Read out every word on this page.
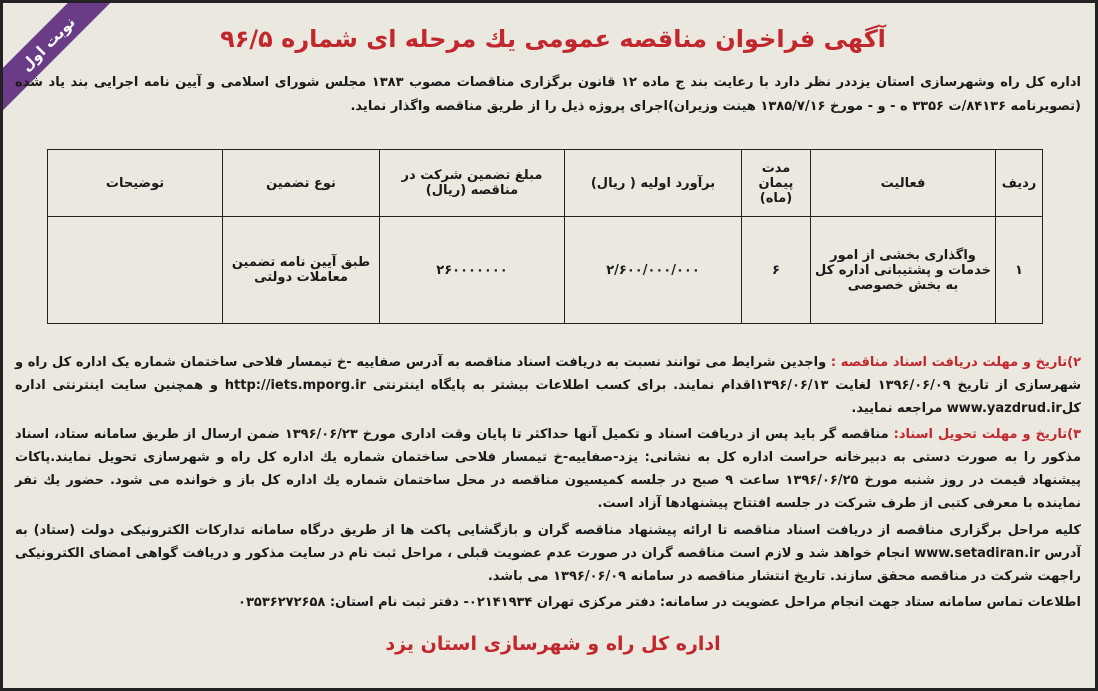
نوبت اول	آگهی فراخوان مناقصه عمومی یك مرحله ای شماره ۹۶/۵
اداره كل راه وشهرسازی استان یزددر نظر دارد با رعایت بند ج ماده ۱۲ قانون برگزاری مناقصات مصوب ۱۳۸۳ مجلس شورای اسلامی و آیین نامه اجرایی بند یاد شده (تصویرنامه ۸۴۱۳۶/ت ۳۳۵۶ ه - و - مورخ ۱۳۸۵/۷/۱۶ هینت وزیران)اجرای پروژه ذیل را از طریق مناقصه واگذار نماید.
ردیف	فعالیت	مدت پیمان (ماه)	برآورد اولیه ( ریال)	مبلغ تضمین شركت در مناقصه (ریال)	نوع تضمین	توضیحات
۱	واگذاری بخشی از امور خدمات و پشتیبانی اداره كل به بخش خصوصی	۶	۲/۶۰۰/۰۰۰/۰۰۰	۲۶۰۰۰۰۰۰۰	طبق آیین نامه تضمین معاملات دولتی	
۲)تاریخ و مهلت دریافت اسناد مناقصه : واجدین شرایط می توانند نسبت به دریافت اسناد مناقصه به آدرس صفاییه -خ تیمسار فلاحی ساختمان شماره یک اداره كل راه و شهرسازی از تاریخ ۱۳۹۶/۰۶/۰۹ لغایت ۱۳۹۶/۰۶/۱۳اقدام نمایند. برای كسب اطلاعات بیشتر به پایگاه اینترنتی http://iets.mporg.ir و همچنین سایت اینترنتی اداره كلwww.yazdrud.ir مراجعه نمایید.
۳)تاریخ و مهلت تحویل اسناد: مناقصه گر باید پس از دریافت اسناد و تكمیل آنها حداكثر تا پایان وقت اداری مورخ ۱۳۹۶/۰۶/۲۳ ضمن ارسال از طریق سامانه ستاد، اسناد مذكور را به صورت دستی به دبیرخانه حراست اداره كل به نشانی: یزد-صفاییه-خ تیمسار فلاحی ساختمان شماره یك اداره كل راه و شهرسازی تحویل نمایند.پاكات پیشنهاد قیمت در روز شنبه مورخ ۱۳۹۶/۰۶/۲۵ ساعت ۹ صبح در جلسه كمیسیون مناقصه در محل ساختمان شماره یك اداره كل باز و خوانده می شود. حضور یك نفر نماینده با معرفی كتبی از طرف شركت در جلسه افتتاح پیشنهادها آزاد است.
كلیه مراحل برگزاری مناقصه از دریافت اسناد مناقصه تا ارائه پیشنهاد مناقصه گران و بازگشایی پاكت ها از طریق درگاه سامانه تداركات الكترونیكی دولت (ستاد) به آدرس www.setadiran.ir انجام خواهد شد و لازم است مناقصه گران در صورت عدم عضویت قبلی ، مراحل ثبت نام در سایت مذكور و دریافت گواهی امضای الكترونیكی راجهت شركت در مناقصه محقق سازند. تاریخ انتشار مناقصه در سامانه ۱۳۹۶/۰۶/۰۹ می باشد.
اطلاعات تماس سامانه ستاد جهت انجام مراحل عضویت در سامانه: دفتر مركزی تهران ۰۲۱۴۱۹۳۴- دفتر ثبت نام استان: ۰۳۵۳۶۲۷۲۶۵۸
اداره كل راه و شهرسازی استان یزد
